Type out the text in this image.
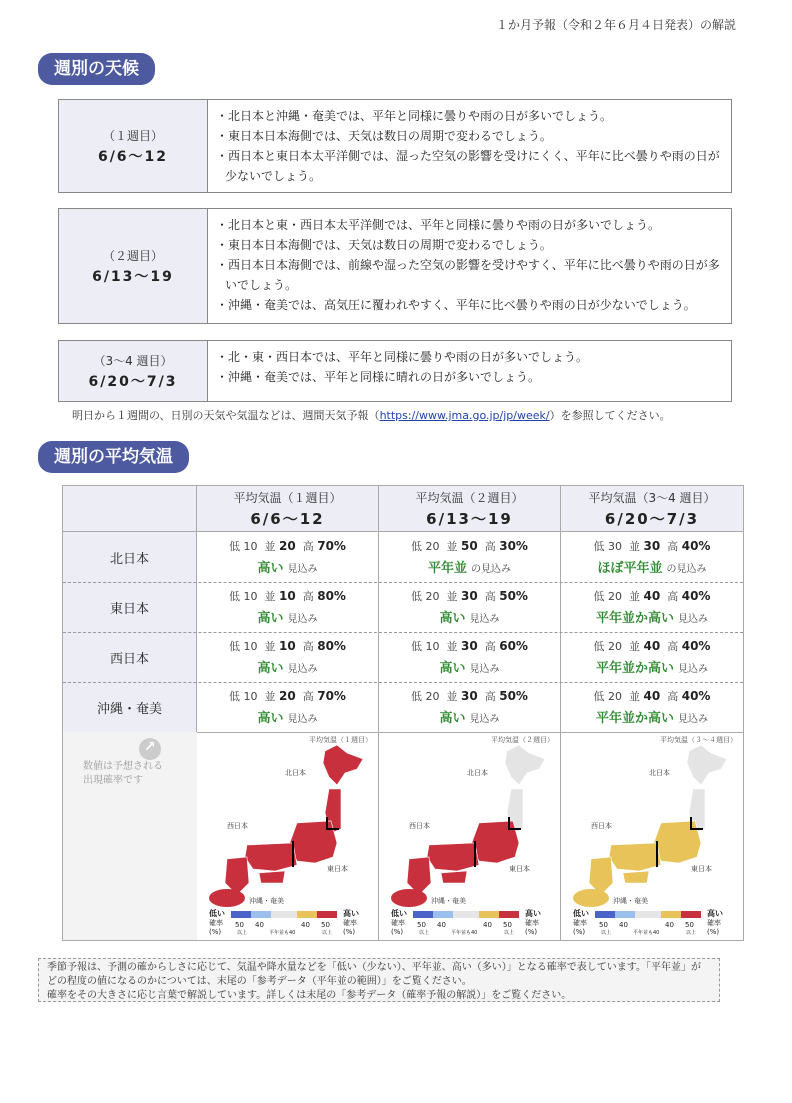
１か月予報（令和２年６月４日発表）の解説
週別の天候
（１週目）
6/6～12
・北日本と沖縄・奄美では、平年と同様に曇りや雨の日が多いでしょう。
・東日本日本海側では、天気は数日の周期で変わるでしょう。
・西日本と東日本太平洋側では、湿った空気の影響を受けにくく、平年に比べ曇りや雨の日が少ないでしょう。
（２週目）
6/13～19
・北日本と東・西日本太平洋側では、平年と同様に曇りや雨の日が多いでしょう。
・東日本日本海側では、天気は数日の周期で変わるでしょう。
・西日本日本海側では、前線や湿った空気の影響を受けやすく、平年に比べ曇りや雨の日が多いでしょう。
・沖縄・奄美では、高気圧に覆われやすく、平年に比べ曇りや雨の日が少ないでしょう。
（3～4 週目）
6/20～7/3
・北・東・西日本では、平年と同様に曇りや雨の日が多いでしょう。
・沖縄・奄美では、平年と同様に晴れの日が多いでしょう。
明日から１週間の、日別の天気や気温などは、週間天気予報（https://www.jma.go.jp/jp/week/）を参照してください。
週別の平均気温
平均気温（１週目）
6/6～12
平均気温（２週目）
6/13～19
平均気温（3～4 週目）
6/20～7/3
北日本
低 10 並 20 高 70%
高い 見込み
低 20 並 50 高 30%
平年並 の見込み
低 30 並 30 高 40%
ほぼ平年並 の見込み
東日本
低 10 並 10 高 80%
高い 見込み
低 20 並 30 高 50%
高い 見込み
低 20 並 40 高 40%
平年並か高い 見込み
西日本
低 10 並 10 高 80%
高い 見込み
低 10 並 30 高 60%
高い 見込み
低 20 並 40 高 40%
平年並か高い 見込み
沖縄・奄美
低 10 並 20 高 70%
高い 見込み
低 20 並 30 高 50%
高い 見込み
低 20 並 40 高 40%
平年並か高い 見込み
↗
数値は予想される
出現確率です
平均気温（１週目）
北日本
西日本
東日本
沖縄・奄美
低い
確率
(%)
50
以上
40
平年並も40
40 50
以上
高い
確率
(%)
平均気温（２週目）
北日本
西日本
東日本
沖縄・奄美
低い
確率
(%)
50
以上
40
平年並も40
40 50
以上
高い
確率
(%)
平均気温（３～４週目）
北日本
西日本
東日本
沖縄・奄美
低い
確率
(%)
50
以上
40
平年並も40
40 50
以上
高い
確率
(%)
季節予報は、予測の確からしさに応じて、気温や降水量などを「低い（少ない）、平年並、高い（多い）」となる確率で表しています。「平年並」が
どの程度の値になるのかについては、末尾の「参考データ（平年並の範囲）」をご覧ください。
確率をその大きさに応じ言葉で解説しています。詳しくは末尾の「参考データ（確率予報の解説）」をご覧ください。
